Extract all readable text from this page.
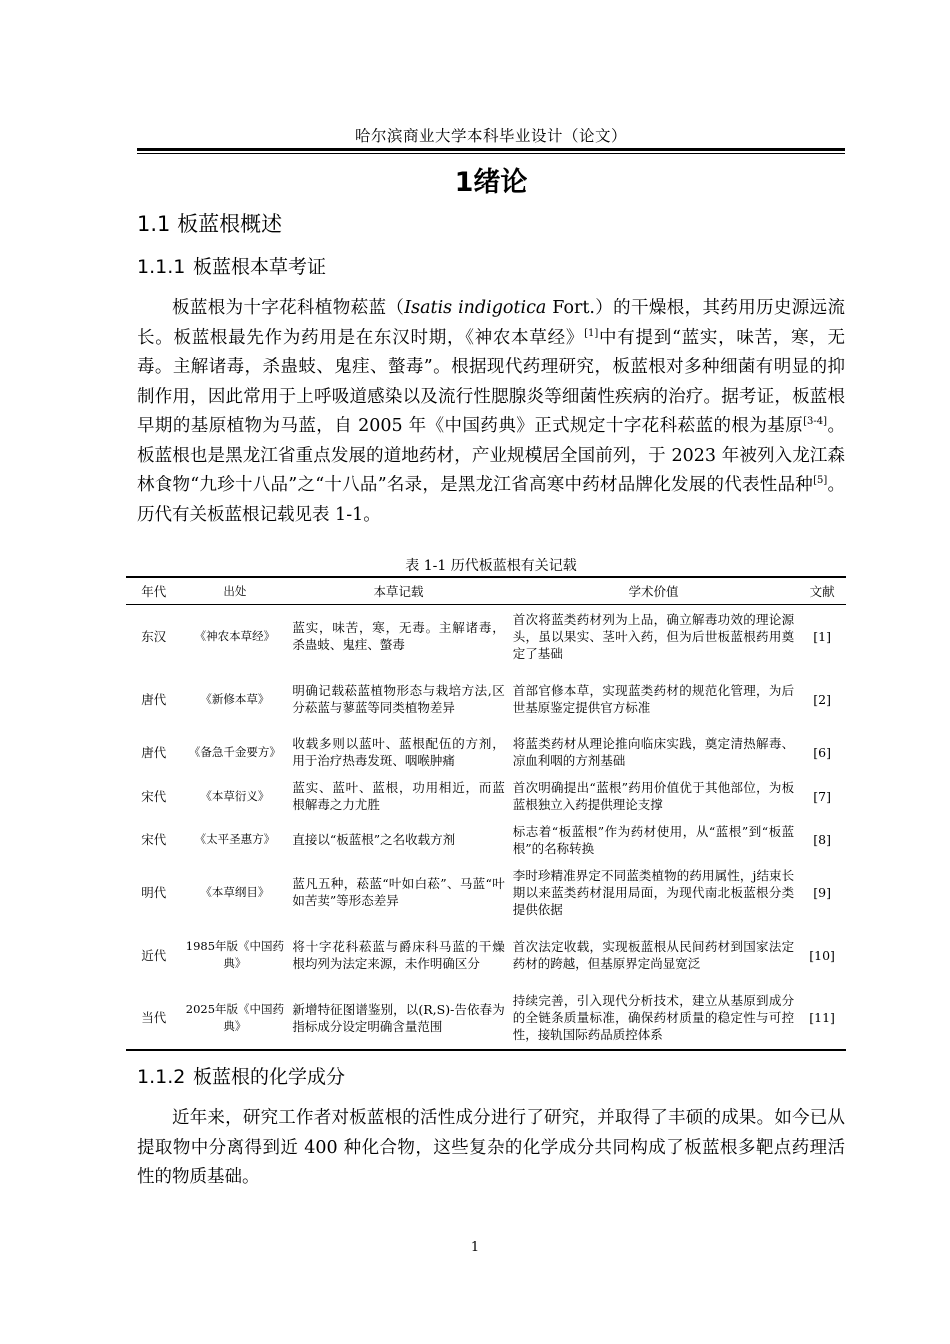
哈尔滨商业大学本科毕业设计（论文）
1绪论
1.1 板蓝根概述
1.1.1 板蓝根本草考证
板蓝根为十字花科植物菘蓝（Isatis indigotica Fort.）的干燥根，其药用历史源远流长。板蓝根最先作为药用是在东汉时期，《神农本草经》[1]中有提到“蓝实，味苦，寒，无毒。主解诸毒，杀蛊蚑、鬼疰、螫毒”。根据现代药理研究，板蓝根对多种细菌有明显的抑制作用，因此常用于上呼吸道感染以及流行性腮腺炎等细菌性疾病的治疗。据考证，板蓝根早期的基原植物为马蓝，自 2005 年《中国药典》正式规定十字花科菘蓝的根为基原[3-4]。板蓝根也是黑龙江省重点发展的道地药材，产业规模居全国前列，于 2023 年被列入龙江森林食物“九珍十八品”之“十八品”名录，是黑龙江省高寒中药材品牌化发展的代表性品种[5]。历代有关板蓝根记载见表 1-1。
表 1-1 历代板蓝根有关记载
年代	出处	本草记载	学术价值	文献
东汉	《神农本草经》	蓝实，味苦，寒，无毒。主解诸毒，杀蛊蚑、鬼疰、螫毒	首次将蓝类药材列为上品，确立解毒功效的理论源头，虽以果实、茎叶入药，但为后世板蓝根药用奠定了基础	[1]
唐代	《新修本草》	明确记载菘蓝植物形态与栽培方法,区分菘蓝与蓼蓝等同类植物差异	首部官修本草，实现蓝类药材的规范化管理，为后世基原鉴定提供官方标准	[2]
唐代	《备急千金要方》	收载多则以蓝叶、蓝根配伍的方剂，用于治疗热毒发斑、咽喉肿痛	将蓝类药材从理论推向临床实践，奠定清热解毒、凉血利咽的方剂基础	[6]
宋代	《本草衍义》	蓝实、蓝叶、蓝根，功用相近，而蓝根解毒之力尤胜	首次明确提出“蓝根”药用价值优于其他部位，为板蓝根独立入药提供理论支撑	[7]
宋代	《太平圣惠方》	直接以“板蓝根”之名收载方剂	标志着“板蓝根”作为药材使用，从“蓝根”到“板蓝根”的名称转换	[8]
明代	《本草纲目》	蓝凡五种，菘蓝“叶如白菘”、马蓝“叶如苦荬”等形态差异	李时珍精准界定不同蓝类植物的药用属性，j结束长期以来蓝类药材混用局面，为现代南北板蓝根分类提供依据	[9]
近代	1985年版《中国药典》	将十字花科菘蓝与爵床科马蓝的干燥根均列为法定来源，未作明确区分	首次法定收载，实现板蓝根从民间药材到国家法定药材的跨越，但基原界定尚显宽泛	[10]
当代	2025年版《中国药典》	新增特征图谱鉴别，以(R,S)-告依春为指标成分设定明确含量范围	持续完善，引入现代分析技术，建立从基原到成分的全链条质量标准，确保药材质量的稳定性与可控性，接轨国际药品质控体系	[11]
1.1.2 板蓝根的化学成分
近年来，研究工作者对板蓝根的活性成分进行了研究，并取得了丰硕的成果。如今已从提取物中分离得到近 400 种化合物，这些复杂的化学成分共同构成了板蓝根多靶点药理活性的物质基础。
1
